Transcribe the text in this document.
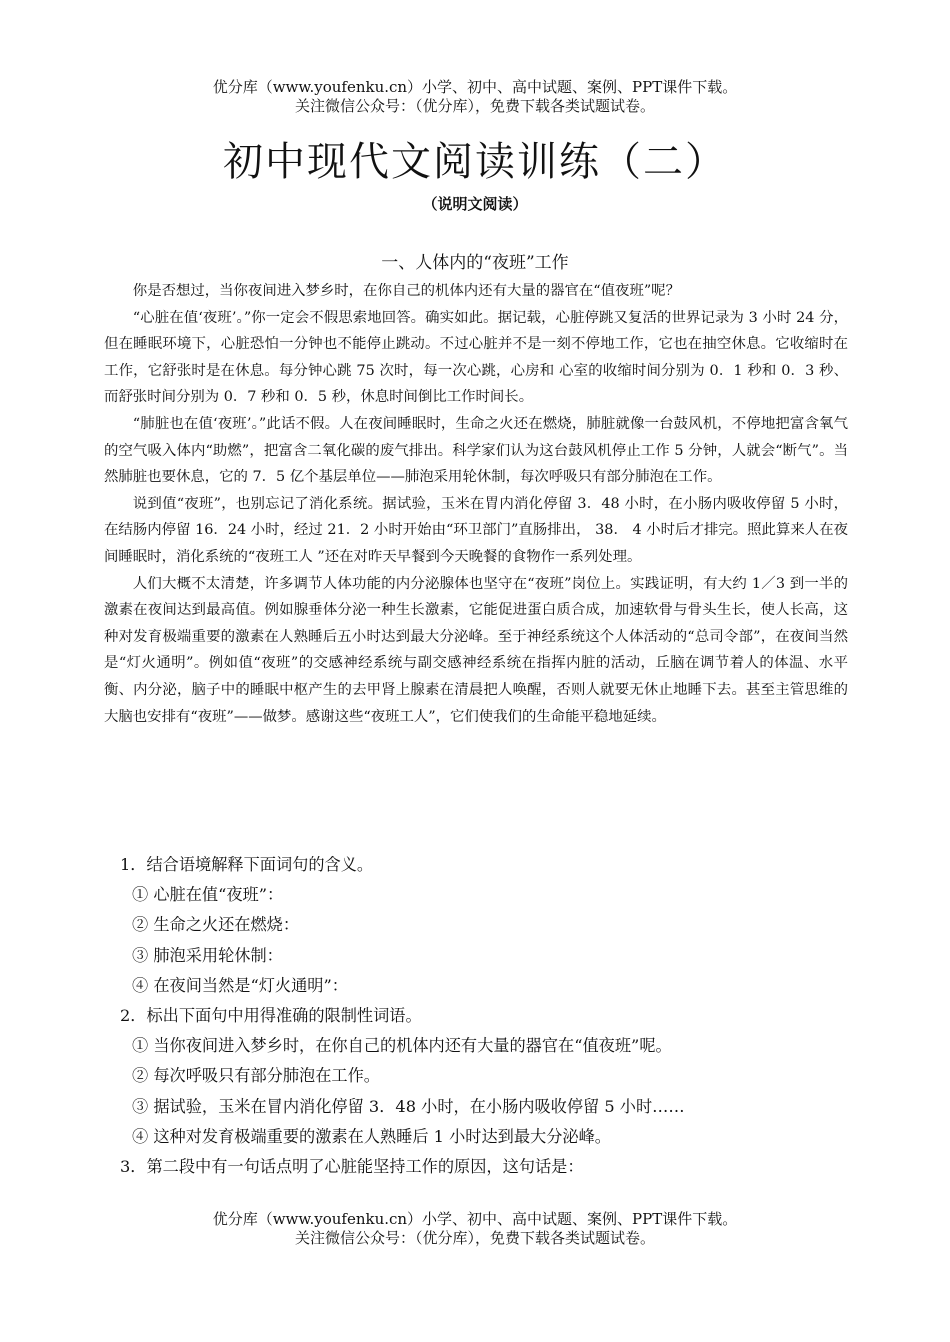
优分库（www.youfenku.cn）小学、初中、高中试题、案例、PPT课件下载。
关注微信公众号：（优分库），免费下载各类试题试卷。
初中现代文阅读训练（二）
（说明文阅读）
一、人体内的“夜班”工作

你是否想过，当你夜间进入梦乡时，在你自己的机体内还有大量的器官在“值夜班”呢？

“心脏在值‘夜班’。”你一定会不假思索地回答。确实如此。据记载，心脏停跳又复活的世界记录为 3 小时 24 分，但在睡眠环境下，心脏恐怕一分钟也不能停止跳动。不过心脏并不是一刻不停地工作，它也在抽空休息。它收缩时在工作，它舒张时是在休息。每分钟心跳 75 次时，每一次心跳，心房和 心室的收缩时间分别为 0．1 秒和 0．3 秒、而舒张时间分别为 0．7 秒和 0．5 秒，休息时间倒比工作时间长。

“肺脏也在值‘夜班’。”此话不假。人在夜间睡眠时，生命之火还在燃烧，肺脏就像一台鼓风机，不停地把富含氧气的空气吸入体内“助燃”，把富含二氧化碳的废气排出。科学家们认为这台鼓风机停止工作 5 分钟，人就会“断气”。当然肺脏也要休息，它的 7．5 亿个基层单位——肺泡采用轮休制，每次呼吸只有部分肺泡在工作。

说到值“夜班”，也别忘记了消化系统。据试验，玉米在胃内消化停留 3．48 小时，在小肠内吸收停留 5 小时，在结肠内停留 16．24 小时，经过 21．2 小时开始由“环卫部门”直肠排出， 38． 4 小时后才排完。照此算来人在夜间睡眠时，消化系统的“夜班工人 ”还在对昨天早餐到今天晚餐的食物作一系列处理。

人们大概不太清楚，许多调节人体功能的内分泌腺体也坚守在“夜班”岗位上。实践证明，有大约 1／3 到一半的激素在夜间达到最高值。例如腺垂体分泌一种生长激素，它能促进蛋白质合成，加速软骨与骨头生长，使人长高，这种对发育极端重要的激素在人熟睡后五小时达到最大分泌峰。至于神经系统这个人体活动的“总司令部”，在夜间当然是“灯火通明”。例如值“夜班”的交感神经系统与副交感神经系统在指挥内脏的活动，丘脑在调节着人的体温、水平衡、内分泌，脑子中的睡眠中枢产生的去甲肾上腺素在清晨把人唤醒，否则人就要无休止地睡下去。甚至主管思维的大脑也安排有“夜班”——做梦。感谢这些“夜班工人”，它们使我们的生命能平稳地延续。

1．结合语境解释下面词句的含义。
① 心脏在值“夜班”：
② 生命之火还在燃烧：
③ 肺泡采用轮休制：
④ 在夜间当然是“灯火通明”：
2．标出下面句中用得准确的限制性词语。
① 当你夜间进入梦乡时，在你自己的机体内还有大量的器官在“值夜班”呢。
② 每次呼吸只有部分肺泡在工作。
③ 据试验，玉米在冒内消化停留 3．48 小时，在小肠内吸收停留 5 小时……
④ 这种对发育极端重要的激素在人熟睡后 1 小时达到最大分泌峰。
3．第二段中有一句话点明了心脏能坚持工作的原因，这句话是：
优分库（www.youfenku.cn）小学、初中、高中试题、案例、PPT课件下载。
关注微信公众号：（优分库），免费下载各类试题试卷。
